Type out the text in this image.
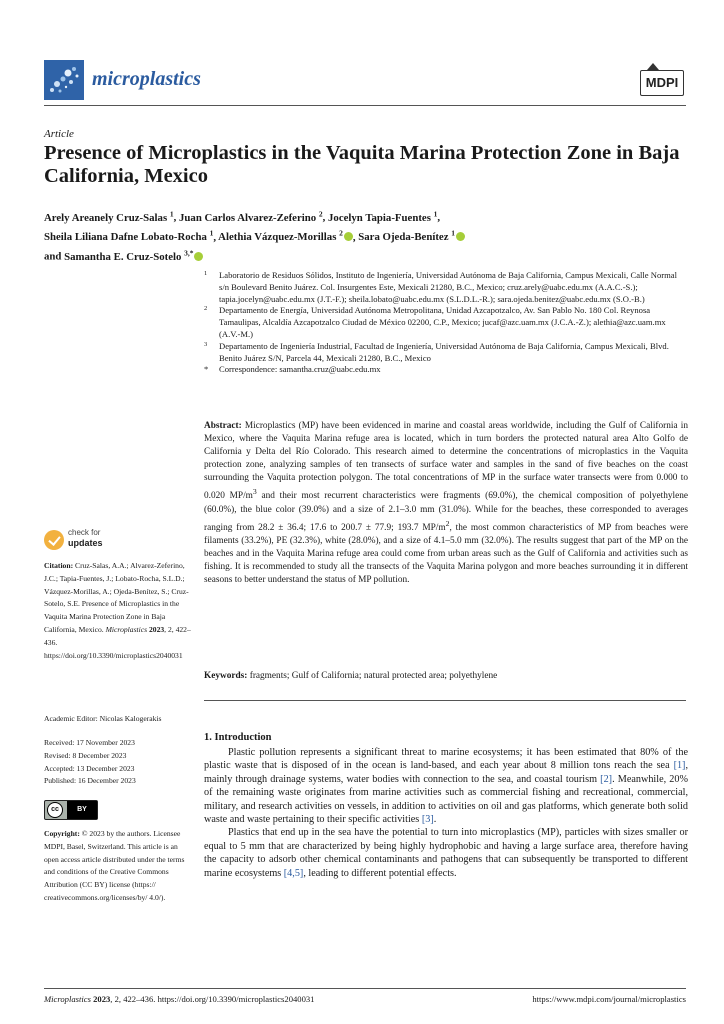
microplastics	MDPI
Article
Presence of Microplastics in the Vaquita Marina Protection Zone in Baja California, Mexico
Arely Areanely Cruz-Salas $^1$, Juan Carlos Alvarez-Zeferino $^2$, Jocelyn Tapia-Fuentes $^1$,
Sheila Liliana Dafne Lobato-Rocha $^1$, Alethia Vázquez-Morillas $^2$ , Sara Ojeda-Benítez $^1$
and Samantha E. Cruz-Sotelo $^{3,*}$
1 Laboratorio de Residuos Sólidos, Instituto de Ingeniería, Universidad Autónoma de Baja California, Campus Mexicali, Calle Normal s/n Boulevard Benito Juárez. Col. Insurgentes Este, Mexicali 21280, B.C., Mexico; cruz.arely@uabc.edu.mx (A.A.C.-S.); tapia.jocelyn@uabc.edu.mx (J.T.-F.); sheila.lobato@uabc.edu.mx (S.L.D.L.-R.); sara.ojeda.benitez@uabc.edu.mx (S.O.-B.)
2 Departamento de Energía, Universidad Autónoma Metropolitana, Unidad Azcapotzalco, Av. San Pablo No. 180 Col. Reynosa Tamaulipas, Alcaldía Azcapotzalco Ciudad de México 02200, C.P., Mexico; jucaf@azc.uam.mx (J.C.A.-Z.); alethia@azc.uam.mx (A.V.-M.)
3 Departamento de Ingeniería Industrial, Facultad de Ingeniería, Universidad Autónoma de Baja California, Campus Mexicali, Blvd. Benito Juárez S/N, Parcela 44, Mexicali 21280, B.C., Mexico
* Correspondence: samantha.cruz@uabc.edu.mx
Abstract: Microplastics (MP) have been evidenced in marine and coastal areas worldwide, including the Gulf of California in Mexico, where the Vaquita Marina refuge area is located, which in turn borders the protected natural area Alto Golfo de California y Delta del Río Colorado. This research aimed to determine the concentrations of microplastics in the Vaquita protection zone, analyzing samples of ten transects of surface water and samples in the sand of five beaches on the coast surrounding the Vaquita protection polygon. The total concentrations of MP in the surface water transects were from 0.000 to 0.020 $MP/m^3$ and their most recurrent characteristics were fragments (69.0%), the chemical composition of polyethylene (60.0%), the blue color (39.0%) and a size of 2.1–3.0 mm (31.0%). While for the beaches, these corresponded to averages ranging from 28.2 ± 36.4; 17.6 to 200.7 ± 77.9; 193.7 $MP/m^2$, the most common characteristics of MP from beaches were filaments (33.2%), PE (32.3%), white (28.0%), and a size of 4.1–5.0 mm (32.0%). The results suggest that part of the MP on the beaches and in the Vaquita Marina refuge area could come from urban areas such as the Gulf of California and activities such as fishing. It is recommended to study all the transects of the Vaquita Marina polygon and more beaches surrounding it in different seasons to better understand the status of MP pollution.
Keywords: fragments; Gulf of California; natural protected area; polyethylene
check for
updates
Citation: Cruz-Salas, A.A.; Alvarez-Zeferino, J.C.; Tapia-Fuentes, J.; Lobato-Rocha, S.L.D.; Vázquez-Morillas, A.; Ojeda-Benítez, S.; Cruz-Sotelo, S.E. Presence of Microplastics in the Vaquita Marina Protection Zone in Baja California, Mexico. Microplastics 2023, 2, 422–436. https://doi.org/10.3390/microplastics2040031
Academic Editor: Nicolas Kalogerakis
Received: 17 November 2023
Revised: 8 December 2023
Accepted: 13 December 2023
Published: 16 December 2023
cc	BY
Copyright: © 2023 by the authors. Licensee MDPI, Basel, Switzerland. This article is an open access article distributed under the terms and conditions of the Creative Commons Attribution (CC BY) license (https:// creativecommons.org/licenses/by/ 4.0/).
1. Introduction

Plastic pollution represents a significant threat to marine ecosystems; it has been estimated that 80% of the plastic waste that is disposed of in the ocean is land-based, and each year about 8 million tons reach the sea [1], mainly through drainage systems, water bodies with connection to the sea, and coastal tourism [2]. Meanwhile, 20% of the remaining waste originates from marine activities such as commercial fishing and recreational, commercial, military, and research activities on vessels, in addition to activities on oil and gas platforms, which generate both solid waste and waste pertaining to their specific activities [3].

Plastics that end up in the sea have the potential to turn into microplastics (MP), particles with sizes smaller or equal to 5 mm that are characterized by being highly hydrophobic and having a large surface area, therefore having the capacity to adsorb other chemical contaminants and pathogens that can subsequently be transported to different marine ecosystems [4,5], leading to different potential effects.

Microplastics 2023, 2, 422–436. https://doi.org/10.3390/microplastics2040031	https://www.mdpi.com/journal/microplastics
